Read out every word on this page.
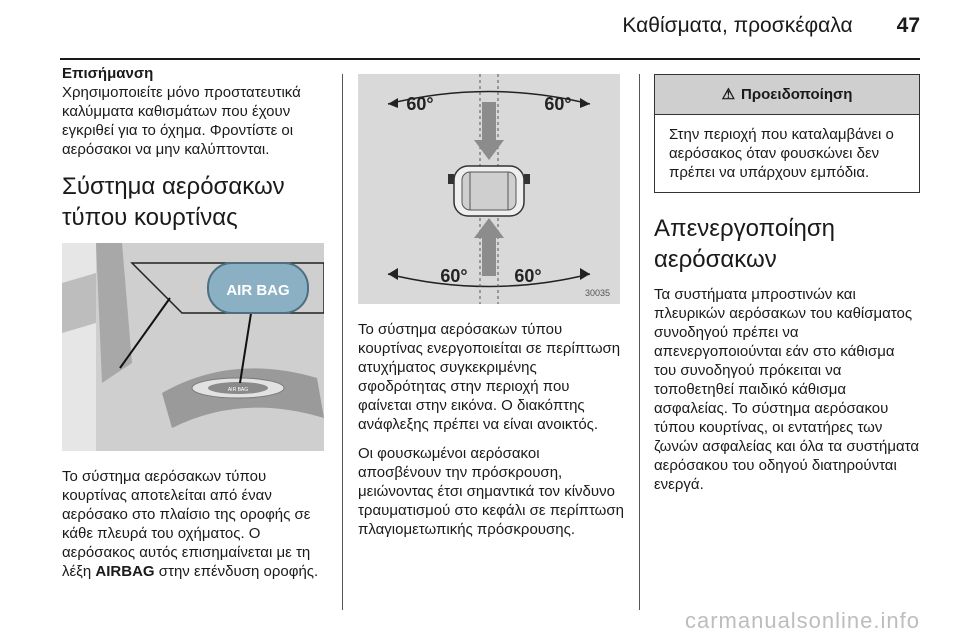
Καθίσματα, προσκέφαλα 47
Επισήμανση

Χρησιμοποιείτε μόνο προστατευτικά καλύμματα καθισμάτων που έχουν εγκριθεί για το όχημα. Φροντίστε οι αερόσακοι να μην καλύπτονται.

Σύστημα αερόσακων τύπου κουρτίνας
AIR BAG
AIR BAG

Το σύστημα αερόσακων τύπου κουρτίνας αποτελείται από έναν αερόσακο στο πλαίσιο της οροφής σε κάθε πλευρά του οχήματος. Ο αερόσακος αυτός επισημαίνεται με τη λέξη AIRBAG στην επένδυση οροφής.

60°	60°
60°	60°
30035

Το σύστημα αερόσακων τύπου κουρτίνας ενεργοποιείται σε περίπτωση ατυχήματος συγκεκριμένης σφοδρότητας στην περιοχή που φαίνεται στην εικόνα. Ο διακόπτης ανάφλεξης πρέπει να είναι ανοικτός.

Οι φουσκωμένοι αερόσακοι αποσβένουν την πρόσκρουση, μειώνοντας έτσι σημαντικά τον κίνδυνο τραυματισμού στο κεφάλι σε περίπτωση πλαγιομετωπικής πρόσκρουσης.

⚠ Προειδοποίηση
Στην περιοχή που καταλαμβάνει ο αερόσακος όταν φουσκώνει δεν πρέπει να υπάρχουν εμπόδια.
Απενεργοποίηση αερόσακων

Τα συστήματα μπροστινών και πλευρικών αερόσακων του καθίσματος συνοδηγού πρέπει να απενεργοποιούνται εάν στο κάθισμα του συνοδηγού πρόκειται να τοποθετηθεί παιδικό κάθισμα ασφαλείας. Το σύστημα αερόσακου τύπου κουρτίνας, οι εντατήρες των ζωνών ασφαλείας και όλα τα συστήματα αερόσακου του οδηγού διατηρούνται ενεργά.

carmanualsonline.info
